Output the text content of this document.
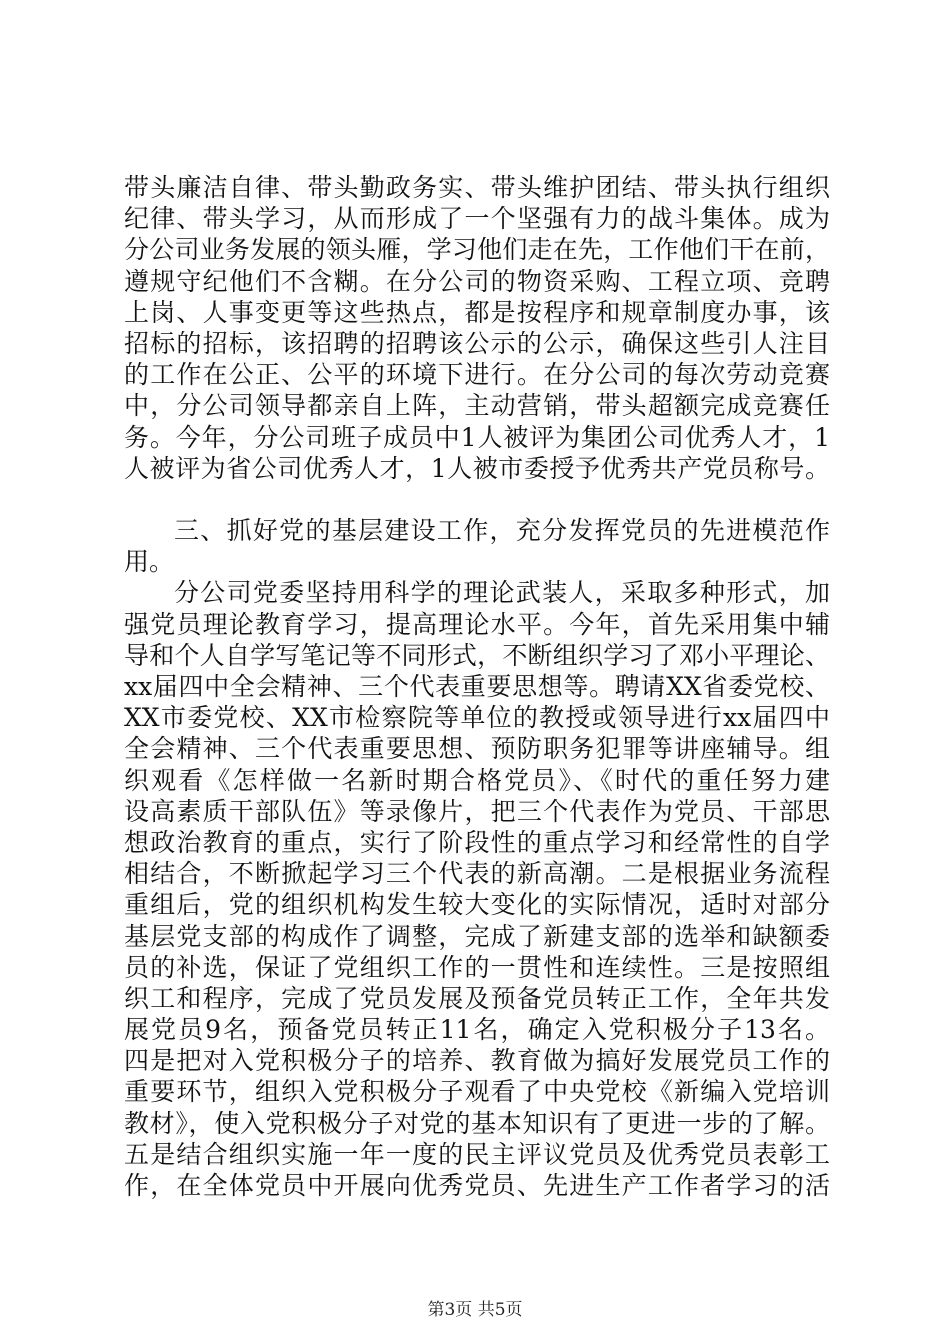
带头廉洁自律、带头勤政务实、带头维护团结、带头执行组织
纪律、带头学习，从而形成了一个坚强有力的战斗集体。成为
分公司业务发展的领头雁，学习他们走在先，工作他们干在前，
遵规守纪他们不含糊。在分公司的物资采购、工程立项、竞聘
上岗、人事变更等这些热点，都是按程序和规章制度办事，该
招标的招标，该招聘的招聘该公示的公示，确保这些引人注目
的工作在公正、公平的环境下进行。在分公司的每次劳动竞赛
中，分公司领导都亲自上阵，主动营销，带头超额完成竞赛任
务。今年，分公司班子成员中1人被评为集团公司优秀人才，1
人被评为省公司优秀人才，1人被市委授予优秀共产党员称号。
三、抓好党的基层建设工作，充分发挥党员的先进模范作
用。
分公司党委坚持用科学的理论武装人，采取多种形式，加
强党员理论教育学习，提高理论水平。今年，首先采用集中辅
导和个人自学写笔记等不同形式，不断组织学习了邓小平理论、
xx届四中全会精神、三个代表重要思想等。聘请XX省委党校、
XX市委党校、XX市检察院等单位的教授或领导进行xx届四中
全会精神、三个代表重要思想、预防职务犯罪等讲座辅导。组
织观看《怎样做一名新时期合格党员》、《时代的重任努力建
设高素质干部队伍》等录像片，把三个代表作为党员、干部思
想政治教育的重点，实行了阶段性的重点学习和经常性的自学
相结合，不断掀起学习三个代表的新高潮。二是根据业务流程
重组后，党的组织机构发生较大变化的实际情况，适时对部分
基层党支部的构成作了调整，完成了新建支部的选举和缺额委
员的补选，保证了党组织工作的一贯性和连续性。三是按照组
织工和程序，完成了党员发展及预备党员转正工作，全年共发
展党员9名，预备党员转正11名，确定入党积极分子13名。
四是把对入党积极分子的培养、教育做为搞好发展党员工作的
重要环节，组织入党积极分子观看了中央党校《新编入党培训
教材》，使入党积极分子对党的基本知识有了更进一步的了解。
五是结合组织实施一年一度的民主评议党员及优秀党员表彰工
作，在全体党员中开展向优秀党员、先进生产工作者学习的活
第3页 共5页
